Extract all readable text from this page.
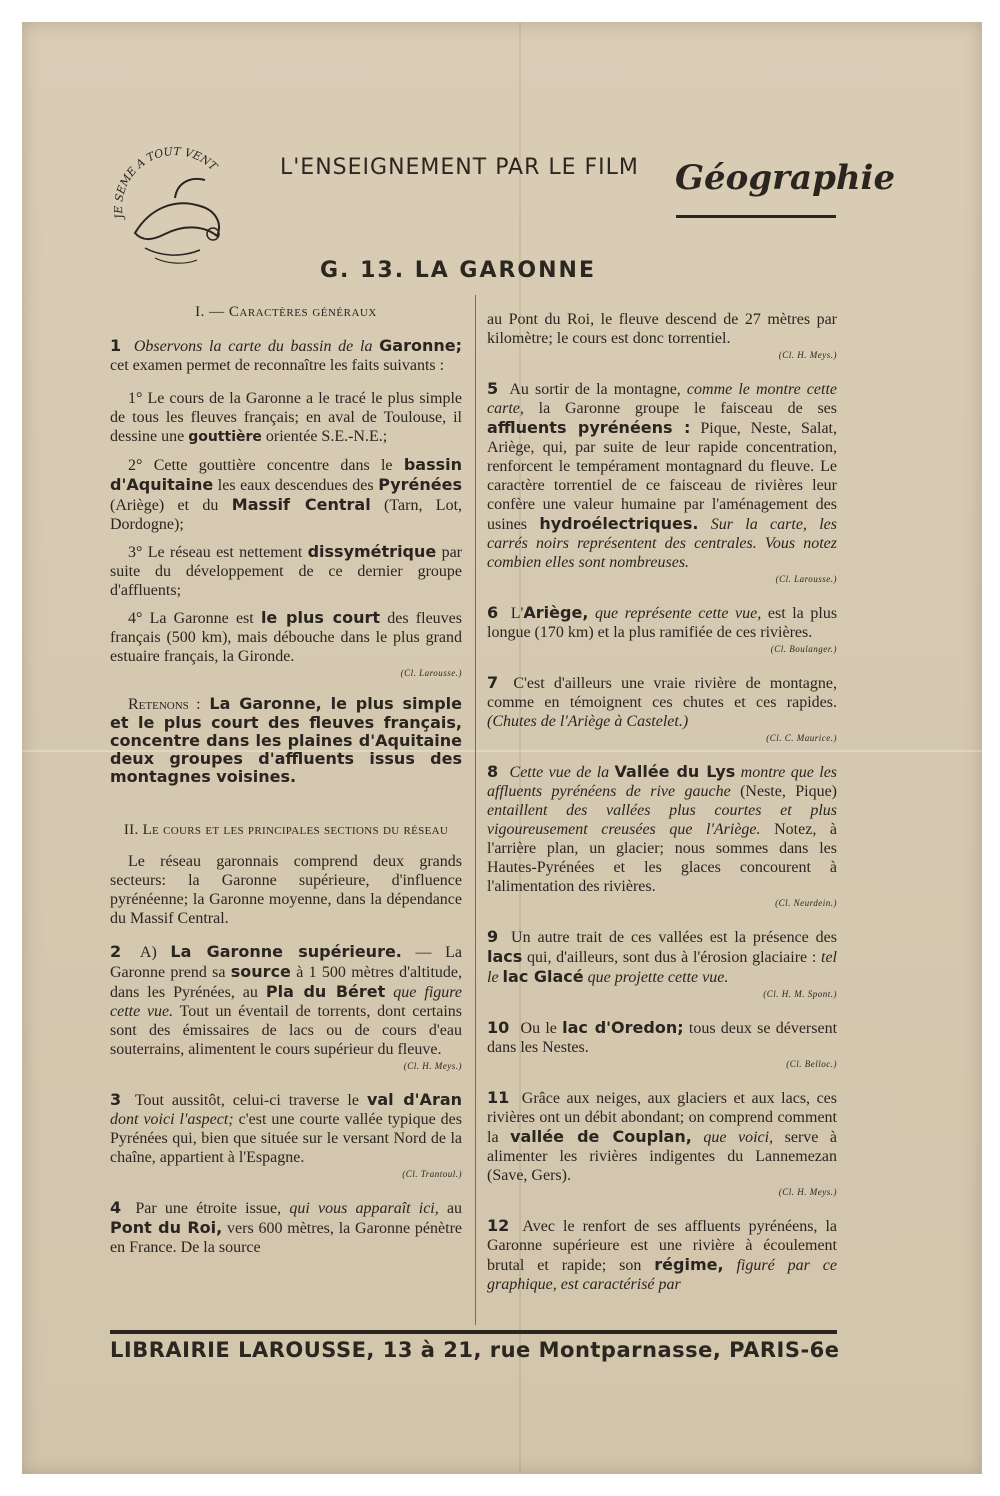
JE SEME A TOUT VENT	L'ENSEIGNEMENT PAR LE FILM Géographie
G. 13. LA GARONNE
I. — Caractères généraux

1 Observons la carte du bassin de la Garonne; cet examen permet de reconnaître les faits suivants :

1° Le cours de la Garonne a le tracé le plus simple de tous les fleuves français; en aval de Toulouse, il dessine une gouttière orientée S.E.-N.E.;

2° Cette gouttière concentre dans le bassin d'Aquitaine les eaux descendues des Pyrénées (Ariège) et du Massif Central (Tarn, Lot, Dordogne);

3° Le réseau est nettement dissymétrique par suite du développement de ce dernier groupe d'affluents;

4° La Garonne est le plus court des fleuves français (500 km), mais débouche dans le plus grand estuaire français, la Gironde.
(Cl. Larousse.)

Retenons : La Garonne, le plus simple et le plus court des fleuves français, concentre dans les plaines d'Aquitaine deux groupes d'affluents issus des montagnes voisines.

II. Le cours et les principales sections du réseau

Le réseau garonnais comprend deux grands secteurs: la Garonne supérieure, d'influence pyrénéenne; la Garonne moyenne, dans la dépendance du Massif Central.

2 A) La Garonne supérieure. — La Garonne prend sa source à 1 500 mètres d'altitude, dans les Pyrénées, au Pla du Béret que figure cette vue. Tout un éventail de torrents, dont certains sont des émissaires de lacs ou de cours d'eau souterrains, alimentent le cours supérieur du fleuve.
(Cl. H. Meys.)

3 Tout aussitôt, celui-ci traverse le val d'Aran dont voici l'aspect; c'est une courte vallée typique des Pyrénées qui, bien que située sur le versant Nord de la chaîne, appartient à l'Espagne.
(Cl. Trantoul.)

4 Par une étroite issue, qui vous apparaît ici, au Pont du Roi, vers 600 mètres, la Garonne pénètre en France. De la source

au Pont du Roi, le fleuve descend de 27 mètres par kilomètre; le cours est donc torrentiel.
(Cl. H. Meys.)

5 Au sortir de la montagne, comme le montre cette carte, la Garonne groupe le faisceau de ses affluents pyrénéens : Pique, Neste, Salat, Ariège, qui, par suite de leur rapide concentration, renforcent le tempérament montagnard du fleuve. Le caractère torrentiel de ce faisceau de rivières leur confère une valeur humaine par l'aménagement des usines hydroélectriques. Sur la carte, les carrés noirs représentent des centrales. Vous notez combien elles sont nombreuses.
(Cl. Larousse.)

6 L'Ariège, que représente cette vue, est la plus longue (170 km) et la plus ramifiée de ces rivières.
(Cl. Boulanger.)

7 C'est d'ailleurs une vraie rivière de montagne, comme en témoignent ces chutes et ces rapides. (Chutes de l'Ariège à Castelet.)
(Cl. C. Maurice.)

8 Cette vue de la Vallée du Lys montre que les affluents pyrénéens de rive gauche (Neste, Pique) entaillent des vallées plus courtes et plus vigoureusement creusées que l'Ariège. Notez, à l'arrière plan, un glacier; nous sommes dans les Hautes-Pyrénées et les glaces concourent à l'alimentation des rivières.
(Cl. Neurdein.)

9 Un autre trait de ces vallées est la présence des lacs qui, d'ailleurs, sont dus à l'érosion glaciaire : tel le lac Glacé que projette cette vue.
(Cl. H. M. Spont.)

10 Ou le lac d'Oredon; tous deux se déversent dans les Nestes.
(Cl. Belloc.)

11 Grâce aux neiges, aux glaciers et aux lacs, ces rivières ont un débit abondant; on comprend comment la vallée de Couplan, que voici, serve à alimenter les rivières indigentes du Lannemezan (Save, Gers).
(Cl. H. Meys.)

12 Avec le renfort de ses affluents pyrénéens, la Garonne supérieure est une rivière à écoulement brutal et rapide; son régime, figuré par ce graphique, est caractérisé par

LIBRAIRIE LAROUSSE, 13 à 21, rue Montparnasse, PARIS-6e
